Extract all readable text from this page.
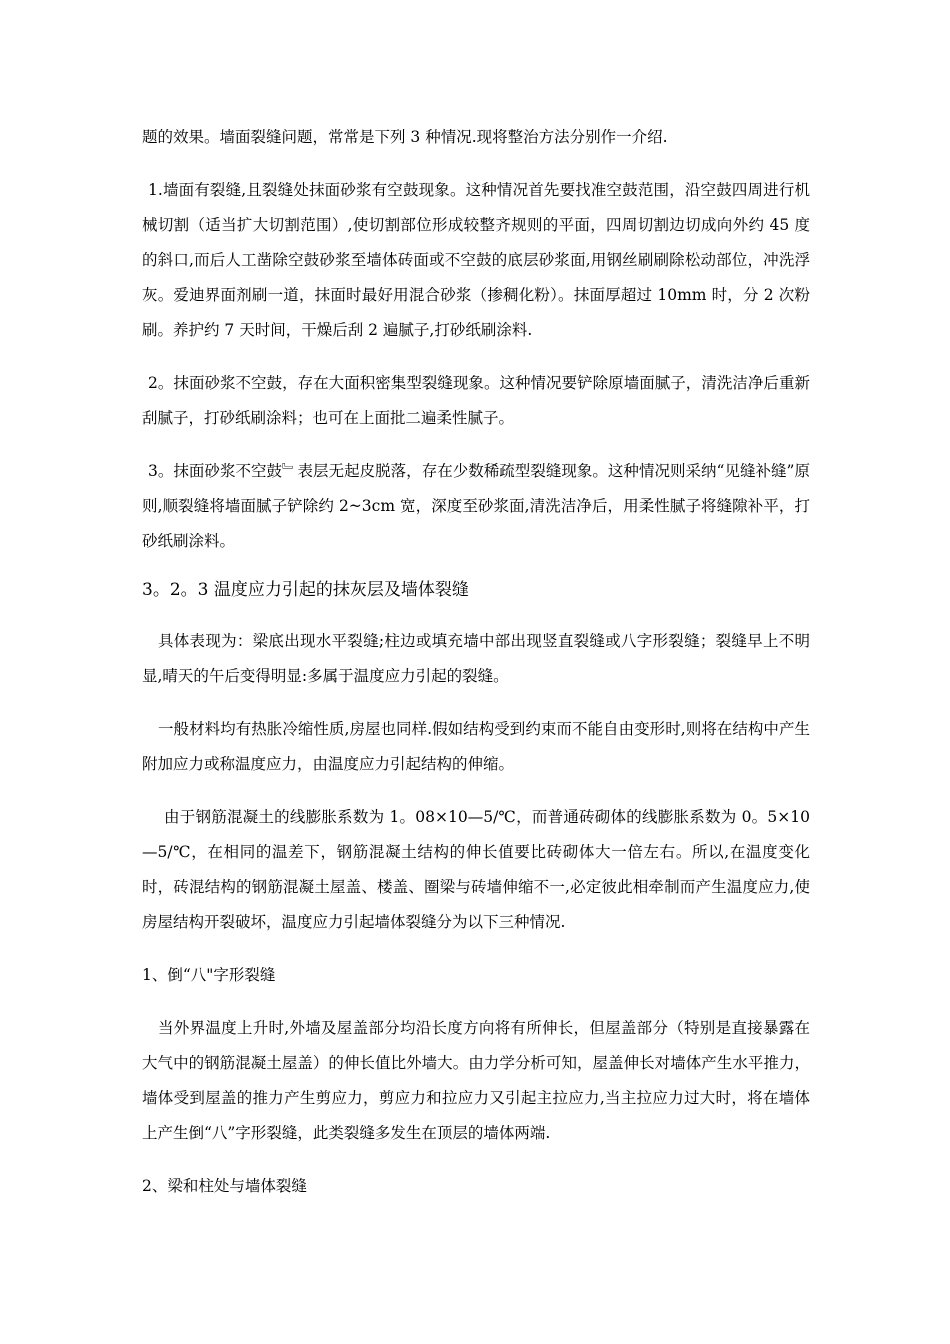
题的效果。墙面裂缝问题，常常是下列 3 种情况.现将整治方法分别作一介绍.

1.墙面有裂缝,且裂缝处抹面砂浆有空鼓现象。这种情况首先要找准空鼓范围，沿空鼓四周进行机械切割（适当扩大切割范围）,使切割部位形成较整齐规则的平面，四周切割边切成向外约 45 度的斜口,而后人工凿除空鼓砂浆至墙体砖面或不空鼓的底层砂浆面,用钢丝刷刷除松动部位，冲洗浮灰。爱迪界面剂刷一道，抹面时最好用混合砂浆（掺稠化粉）。抹面厚超过 10mm 时，分 2 次粉刷。养护约 7 天时间，干燥后刮 2 遍腻子,打砂纸刷涂料.

2。抹面砂浆不空鼓，存在大面积密集型裂缝现象。这种情况要铲除原墙面腻子，清洗洁净后重新刮腻子，打砂纸刷涂料；也可在上面批二遍柔性腻子。

3。抹面砂浆不空鼓﹄表层无起皮脱落，存在少数稀疏型裂缝现象。这种情况则采纳“见缝补缝”原则,顺裂缝将墙面腻子铲除约 2~3cm 宽，深度至砂浆面,清洗洁净后，用柔性腻子将缝隙补平，打砂纸刷涂料。

3。2。3 温度应力引起的抹灰层及墙体裂缝

具体表现为：梁底出现水平裂缝;柱边或填充墙中部出现竖直裂缝或八字形裂缝；裂缝早上不明显,晴天的午后变得明显:多属于温度应力引起的裂缝。

一般材料均有热胀冷缩性质,房屋也同样.假如结构受到约束而不能自由变形时,则将在结构中产生附加应力或称温度应力，由温度应力引起结构的伸缩。

由于钢筋混凝土的线膨胀系数为 1。08×10—5/℃，而普通砖砌体的线膨胀系数为 0。5×10—5/℃，在相同的温差下，钢筋混凝土结构的伸长值要比砖砌体大一倍左右。所以,在温度变化时，砖混结构的钢筋混凝土屋盖、楼盖、圈梁与砖墙伸缩不一,必定彼此相牵制而产生温度应力,使房屋结构开裂破坏，温度应力引起墙体裂缝分为以下三种情况.

1、倒“八"字形裂缝

当外界温度上升时,外墙及屋盖部分均沿长度方向将有所伸长，但屋盖部分（特别是直接暴露在大气中的钢筋混凝土屋盖）的伸长值比外墙大。由力学分析可知，屋盖伸长对墙体产生水平推力，墙体受到屋盖的推力产生剪应力，剪应力和拉应力又引起主拉应力,当主拉应力过大时，将在墙体上产生倒“八”字形裂缝，此类裂缝多发生在顶层的墙体两端.

2、梁和柱处与墙体裂缝
